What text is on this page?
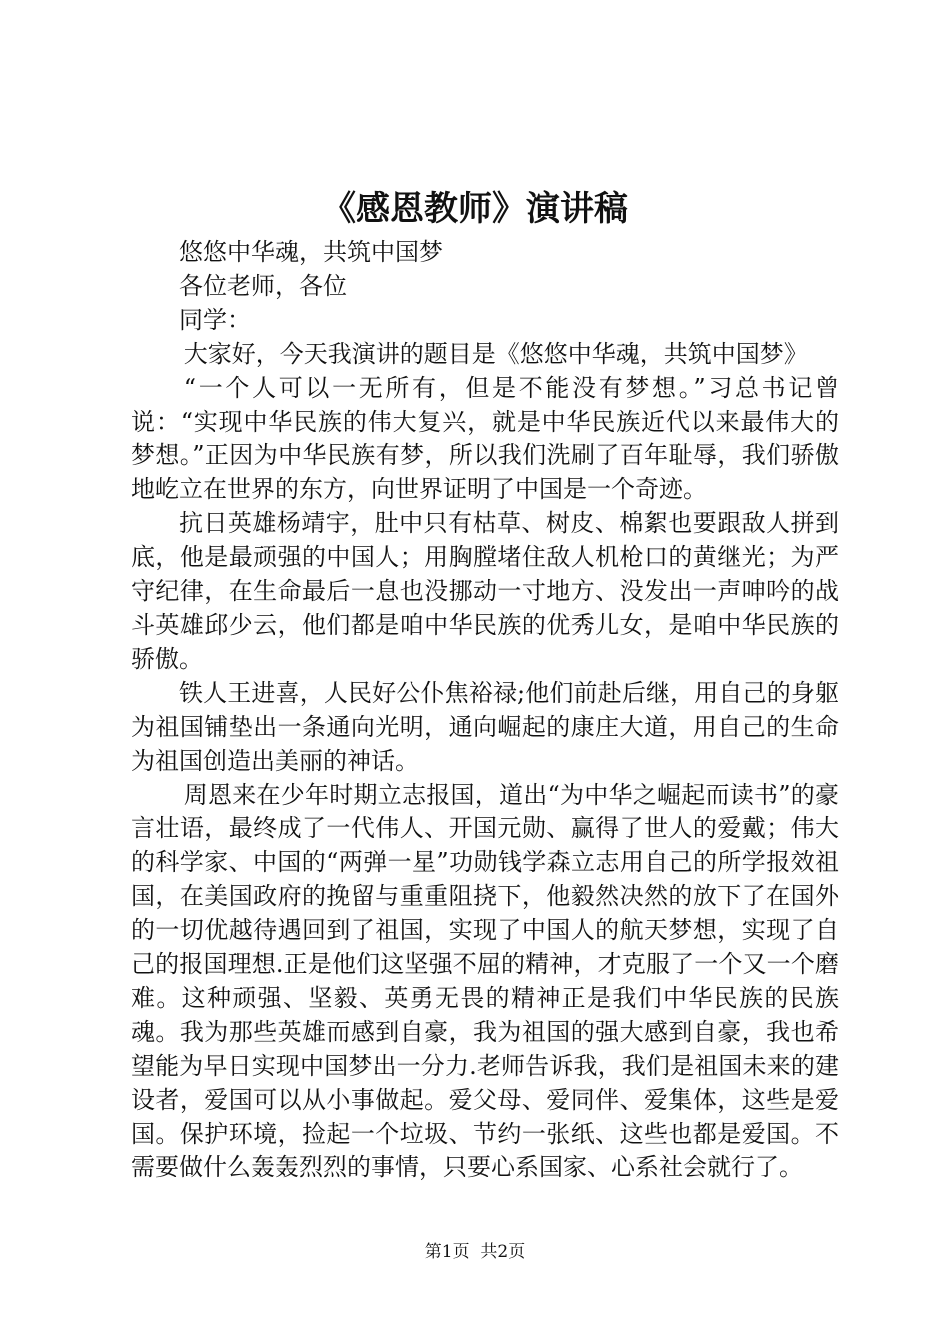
《感恩教师》演讲稿

悠悠中华魂，共筑中国梦

各位老师，各位

同学：

大家好，今天我演讲的题目是《悠悠中华魂，共筑中国梦》

“一个人可以一无所有，但是不能没有梦想。”习总书记曾说：“实现中华民族的伟大复兴，就是中华民族近代以来最伟大的梦想。”正因为中华民族有梦，所以我们洗刷了百年耻辱，我们骄傲地屹立在世界的东方，向世界证明了中国是一个奇迹。

抗日英雄杨靖宇，肚中只有枯草、树皮、棉絮也要跟敌人拼到底，他是最顽强的中国人；用胸膛堵住敌人机枪口的黄继光；为严守纪律，在生命最后一息也没挪动一寸地方、没发出一声呻吟的战斗英雄邱少云，他们都是咱中华民族的优秀儿女，是咱中华民族的骄傲。

铁人王进喜，人民好公仆焦裕禄;他们前赴后继，用自己的身躯为祖国铺垫出一条通向光明，通向崛起的康庄大道，用自己的生命为祖国创造出美丽的神话。

周恩来在少年时期立志报国，道出“为中华之崛起而读书”的豪言壮语，最终成了一代伟人、开国元勋、赢得了世人的爱戴；伟大的科学家、中国的“两弹一星”功勋钱学森立志用自己的所学报效祖国，在美国政府的挽留与重重阻挠下，他毅然决然的放下了在国外的一切优越待遇回到了祖国，实现了中国人的航天梦想，实现了自己的报国理想.正是他们这坚强不屈的精神，才克服了一个又一个磨难。这种顽强、坚毅、英勇无畏的精神正是我们中华民族的民族魂。我为那些英雄而感到自豪，我为祖国的强大感到自豪，我也希望能为早日实现中国梦出一分力.老师告诉我，我们是祖国未来的建设者，爱国可以从小事做起。爱父母、爱同伴、爱集体，这些是爱国。保护环境，捡起一个垃圾、节约一张纸、这些也都是爱国。不需要做什么轰轰烈烈的事情，只要心系国家、心系社会就行了。

第1页  共2页
